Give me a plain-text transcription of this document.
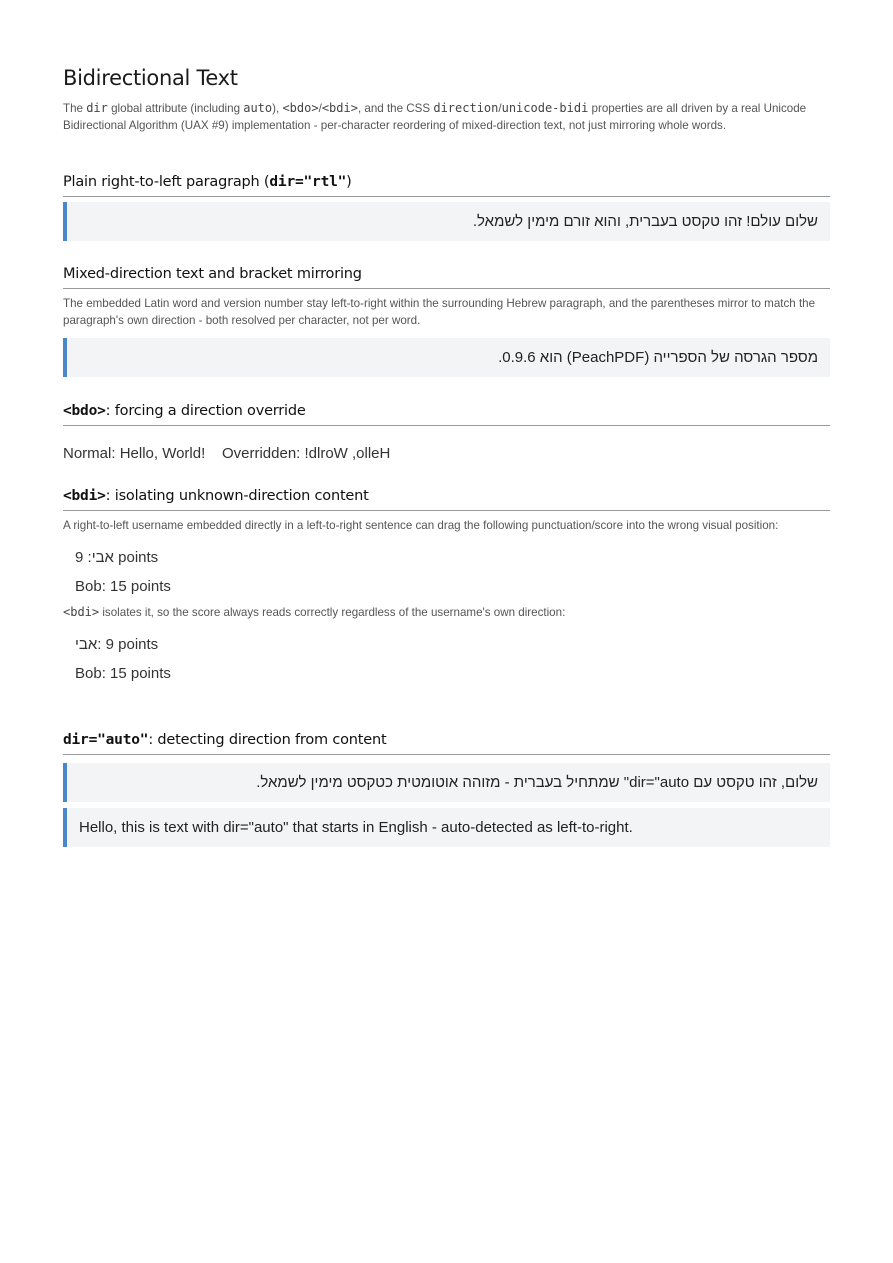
Bidirectional Text

The dir global attribute (including auto), <bdo>/<bdi>, and the CSS direction/unicode-bidi properties are all driven by a real Unicode Bidirectional Algorithm (UAX #9) implementation - per-character reordering of mixed-direction text, not just mirroring whole words.

Plain right-to-left paragraph (dir="rtl")
שלום עולם! זהו טקסט בעברית, והוא זורם מימין לשמאל.
Mixed-direction text and bracket mirroring

The embedded Latin word and version number stay left-to-right within the surrounding Hebrew paragraph, and the parentheses mirror to match the paragraph's own direction - both resolved per character, not per word.

מספר הגרסה של הספרייה (PeachPDF) הוא 0.9.6.
<bdo>: forcing a direction override
Normal: Hello, World! Overridden: Hello, World!
<bdi>: isolating unknown-direction content

A right-to-left username embedded directly in a left-to-right sentence can drag the following punctuation/score into the wrong visual position:

אבי: 9 points
Bob: 15 points

<bdi> isolates it, so the score always reads correctly regardless of the username's own direction:

אבי: 9 points
Bob: 15 points
dir="auto": detecting direction from content
שלום, זהו טקסט עם dir="auto" שמתחיל בעברית - מזוהה אוטומטית כטקסט מימין לשמאל.
Hello, this is text with dir="auto" that starts in English - auto-detected as left-to-right.
